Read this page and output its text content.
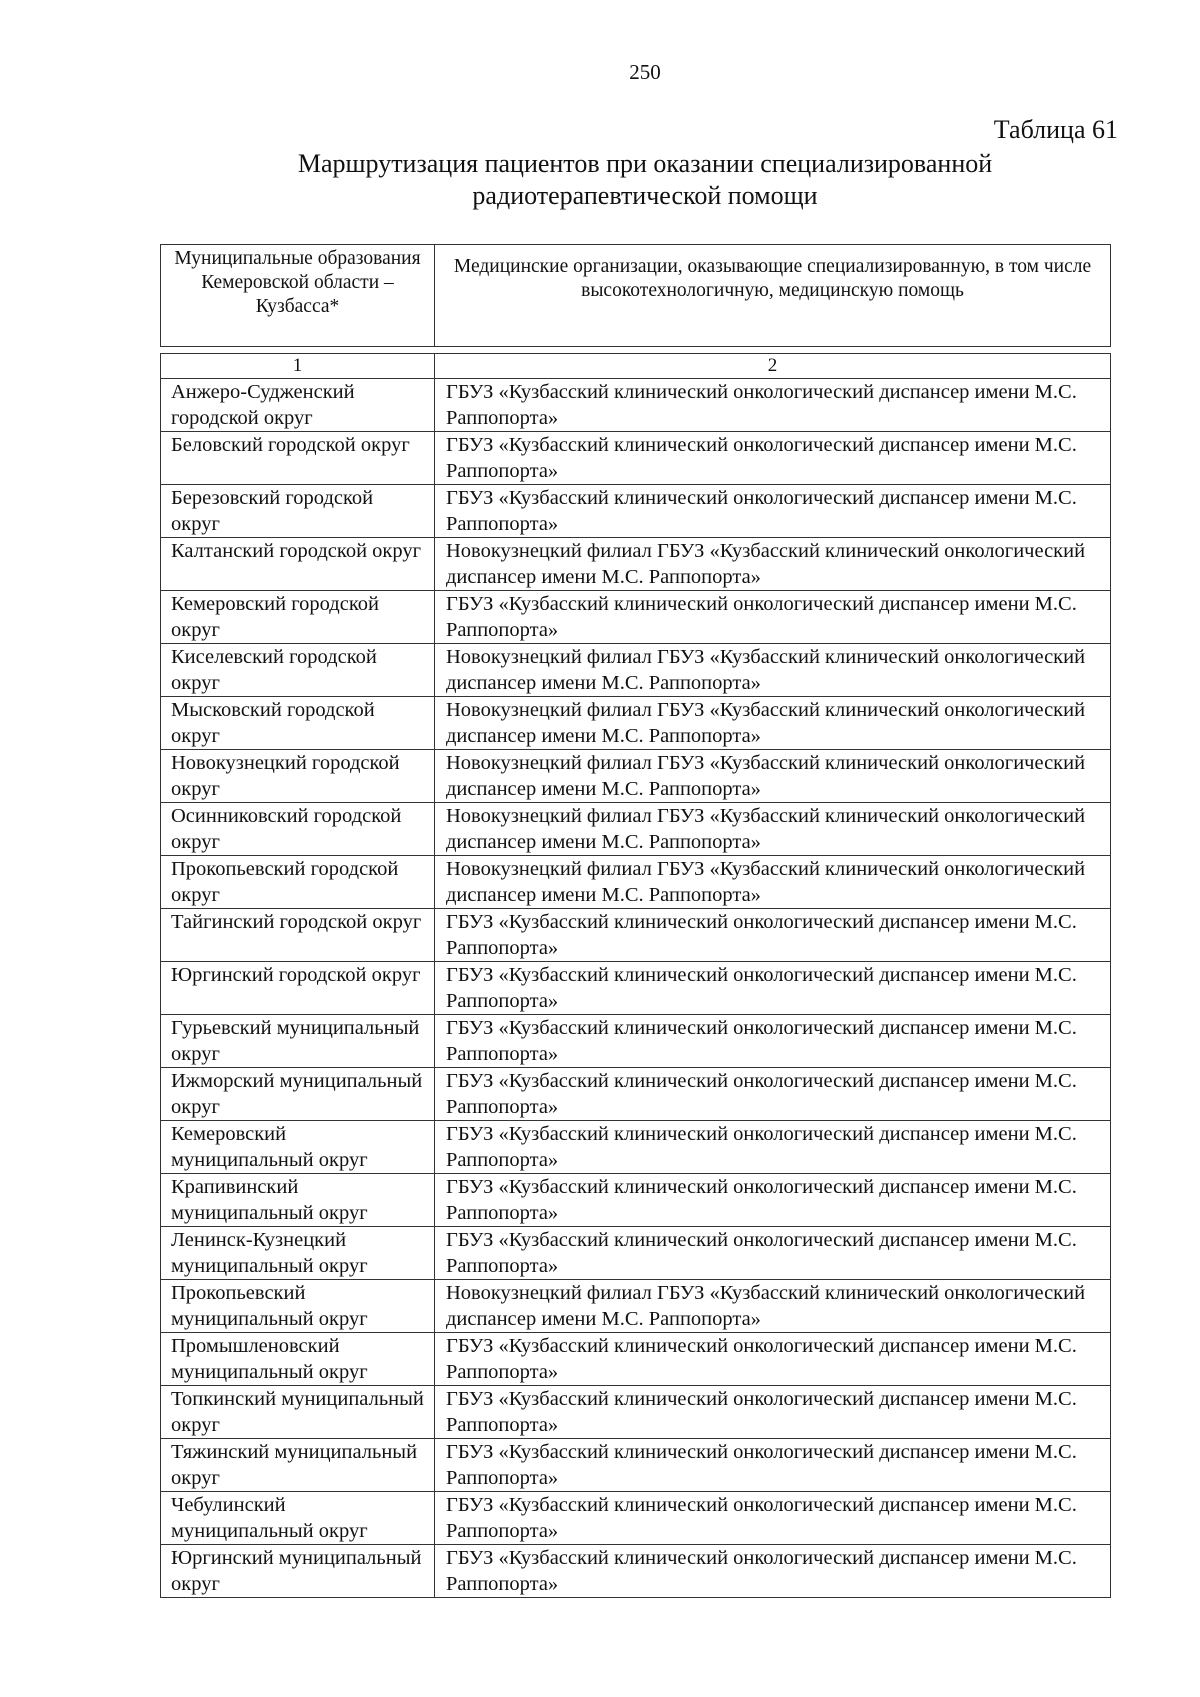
250
Таблица 61
Маршрутизация пациентов при оказании специализированной
радиотерапевтической помощи
Муниципальные образования Кемеровской области – Кузбасса*
Медицинские организации, оказывающие специализированную, в том числе высокотехнологичную, медицинскую помощь
1	2
Анжеро-Судженский городской округ	ГБУЗ «Кузбасский клинический онкологический диспансер имени М.С. Раппопорта»
Беловский городской округ	ГБУЗ «Кузбасский клинический онкологический диспансер имени М.С. Раппопорта»
Березовский городской округ	ГБУЗ «Кузбасский клинический онкологический диспансер имени М.С. Раппопорта»
Калтанский городской округ	Новокузнецкий филиал ГБУЗ «Кузбасский клинический онкологический диспансер имени М.С. Раппопорта»
Кемеровский городской округ	ГБУЗ «Кузбасский клинический онкологический диспансер имени М.С. Раппопорта»
Киселевский городской округ	Новокузнецкий филиал ГБУЗ «Кузбасский клинический онкологический диспансер имени М.С. Раппопорта»
Мысковский городской округ	Новокузнецкий филиал ГБУЗ «Кузбасский клинический онкологический диспансер имени М.С. Раппопорта»
Новокузнецкий городской округ	Новокузнецкий филиал ГБУЗ «Кузбасский клинический онкологический диспансер имени М.С. Раппопорта»
Осинниковский городской округ	Новокузнецкий филиал ГБУЗ «Кузбасский клинический онкологический диспансер имени М.С. Раппопорта»
Прокопьевский городской округ	Новокузнецкий филиал ГБУЗ «Кузбасский клинический онкологический диспансер имени М.С. Раппопорта»
Тайгинский городской округ	ГБУЗ «Кузбасский клинический онкологический диспансер имени М.С. Раппопорта»
Юргинский городской округ	ГБУЗ «Кузбасский клинический онкологический диспансер имени М.С. Раппопорта»
Гурьевский муниципальный округ	ГБУЗ «Кузбасский клинический онкологический диспансер имени М.С. Раппопорта»
Ижморский муниципальный округ	ГБУЗ «Кузбасский клинический онкологический диспансер имени М.С. Раппопорта»
Кемеровский муниципальный округ	ГБУЗ «Кузбасский клинический онкологический диспансер имени М.С. Раппопорта»
Крапивинский муниципальный округ	ГБУЗ «Кузбасский клинический онкологический диспансер имени М.С. Раппопорта»
Ленинск-Кузнецкий муниципальный округ	ГБУЗ «Кузбасский клинический онкологический диспансер имени М.С. Раппопорта»
Прокопьевский муниципальный округ	Новокузнецкий филиал ГБУЗ «Кузбасский клинический онкологический диспансер имени М.С. Раппопорта»
Промышленовский муниципальный округ	ГБУЗ «Кузбасский клинический онкологический диспансер имени М.С. Раппопорта»
Топкинский муниципальный округ	ГБУЗ «Кузбасский клинический онкологический диспансер имени М.С. Раппопорта»
Тяжинский муниципальный округ	ГБУЗ «Кузбасский клинический онкологический диспансер имени М.С. Раппопорта»
Чебулинский муниципальный округ	ГБУЗ «Кузбасский клинический онкологический диспансер имени М.С. Раппопорта»
Юргинский муниципальный округ	ГБУЗ «Кузбасский клинический онкологический диспансер имени М.С. Раппопорта»
